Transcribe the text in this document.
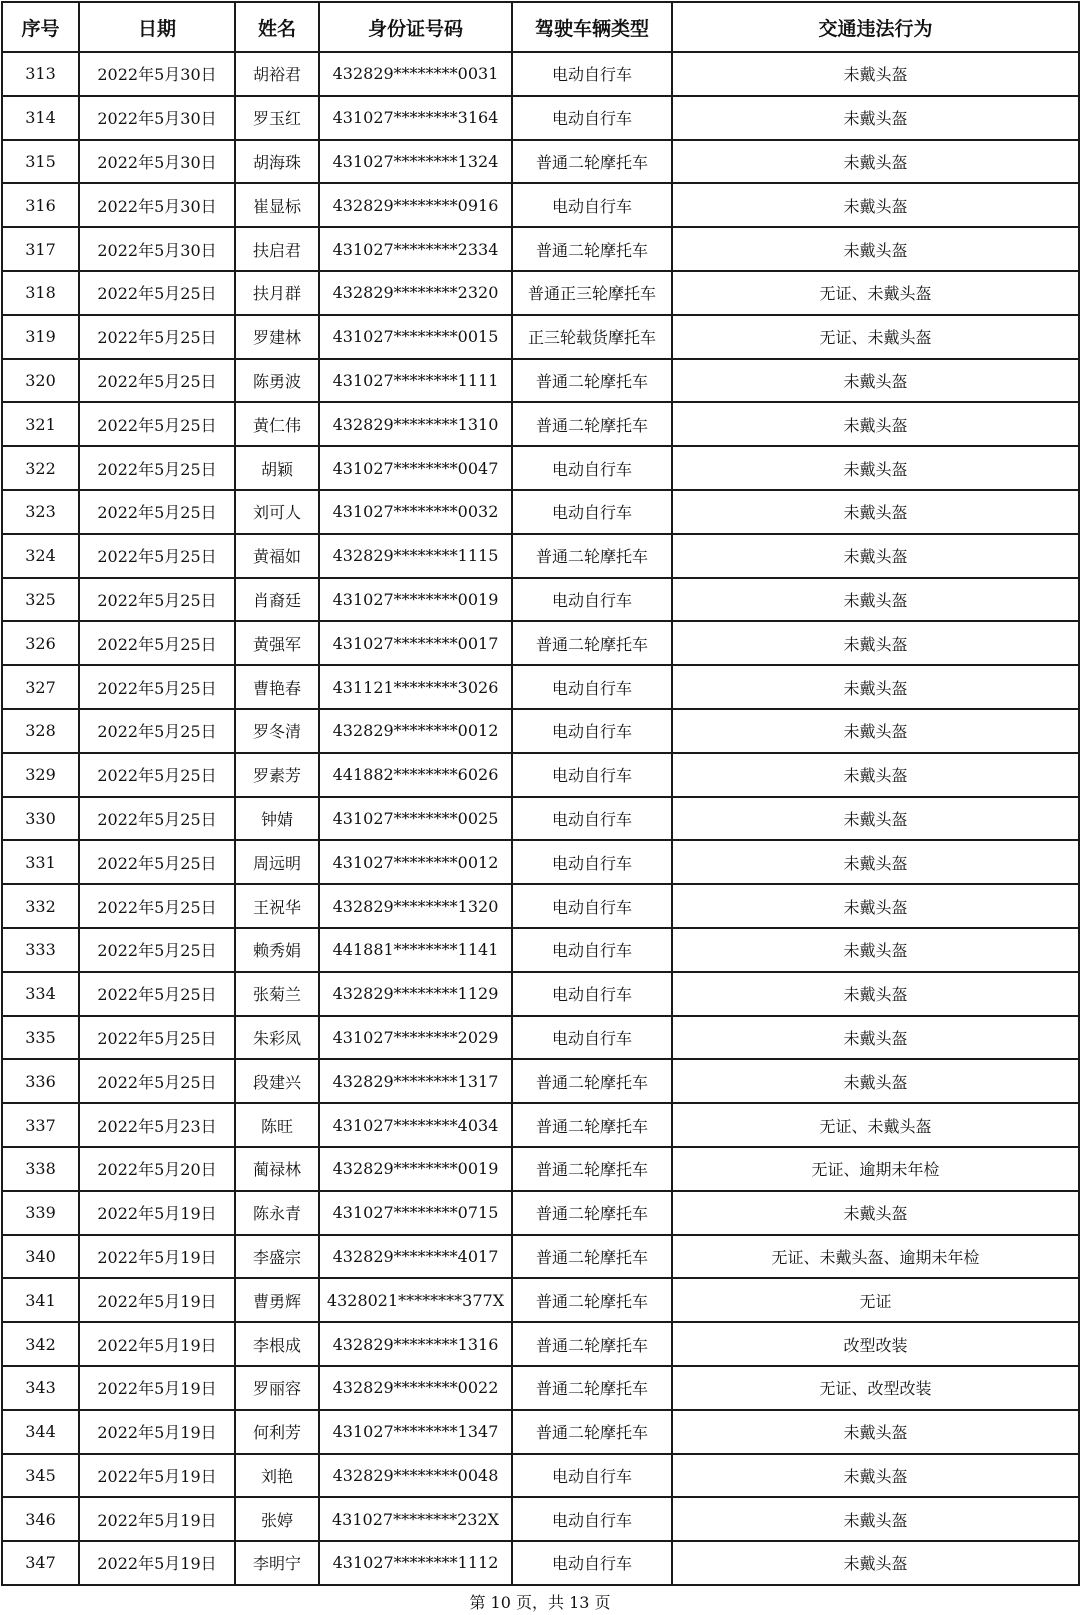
序号	日期	姓名	身份证号码	驾驶车辆类型	交通违法行为
313	2022年5月30日	胡裕君	432829********0031	电动自行车	未戴头盔
314	2022年5月30日	罗玉红	431027********3164	电动自行车	未戴头盔
315	2022年5月30日	胡海珠	431027********1324	普通二轮摩托车	未戴头盔
316	2022年5月30日	崔显标	432829********0916	电动自行车	未戴头盔
317	2022年5月30日	扶启君	431027********2334	普通二轮摩托车	未戴头盔
318	2022年5月25日	扶月群	432829********2320	普通正三轮摩托车	无证、未戴头盔
319	2022年5月25日	罗建林	431027********0015	正三轮载货摩托车	无证、未戴头盔
320	2022年5月25日	陈勇波	431027********1111	普通二轮摩托车	未戴头盔
321	2022年5月25日	黄仁伟	432829********1310	普通二轮摩托车	未戴头盔
322	2022年5月25日	胡颖	431027********0047	电动自行车	未戴头盔
323	2022年5月25日	刘可人	431027********0032	电动自行车	未戴头盔
324	2022年5月25日	黄福如	432829********1115	普通二轮摩托车	未戴头盔
325	2022年5月25日	肖裔廷	431027********0019	电动自行车	未戴头盔
326	2022年5月25日	黄强军	431027********0017	普通二轮摩托车	未戴头盔
327	2022年5月25日	曹艳春	431121********3026	电动自行车	未戴头盔
328	2022年5月25日	罗冬清	432829********0012	电动自行车	未戴头盔
329	2022年5月25日	罗素芳	441882********6026	电动自行车	未戴头盔
330	2022年5月25日	钟婧	431027********0025	电动自行车	未戴头盔
331	2022年5月25日	周远明	431027********0012	电动自行车	未戴头盔
332	2022年5月25日	王祝华	432829********1320	电动自行车	未戴头盔
333	2022年5月25日	赖秀娟	441881********1141	电动自行车	未戴头盔
334	2022年5月25日	张菊兰	432829********1129	电动自行车	未戴头盔
335	2022年5月25日	朱彩凤	431027********2029	电动自行车	未戴头盔
336	2022年5月25日	段建兴	432829********1317	普通二轮摩托车	未戴头盔
337	2022年5月23日	陈旺	431027********4034	普通二轮摩托车	无证、未戴头盔
338	2022年5月20日	蔺禄林	432829********0019	普通二轮摩托车	无证、逾期未年检
339	2022年5月19日	陈永青	431027********0715	普通二轮摩托车	未戴头盔
340	2022年5月19日	李盛宗	432829********4017	普通二轮摩托车	无证、未戴头盔、逾期未年检
341	2022年5月19日	曹勇辉	4328021********377X	普通二轮摩托车	无证
342	2022年5月19日	李根成	432829********1316	普通二轮摩托车	改型改装
343	2022年5月19日	罗丽容	432829********0022	普通二轮摩托车	无证、改型改装
344	2022年5月19日	何利芳	431027********1347	普通二轮摩托车	未戴头盔
345	2022年5月19日	刘艳	432829********0048	电动自行车	未戴头盔
346	2022年5月19日	张婷	431027********232X	电动自行车	未戴头盔
347	2022年5月19日	李明宁	431027********1112	电动自行车	未戴头盔
第 10 页，共 13 页
